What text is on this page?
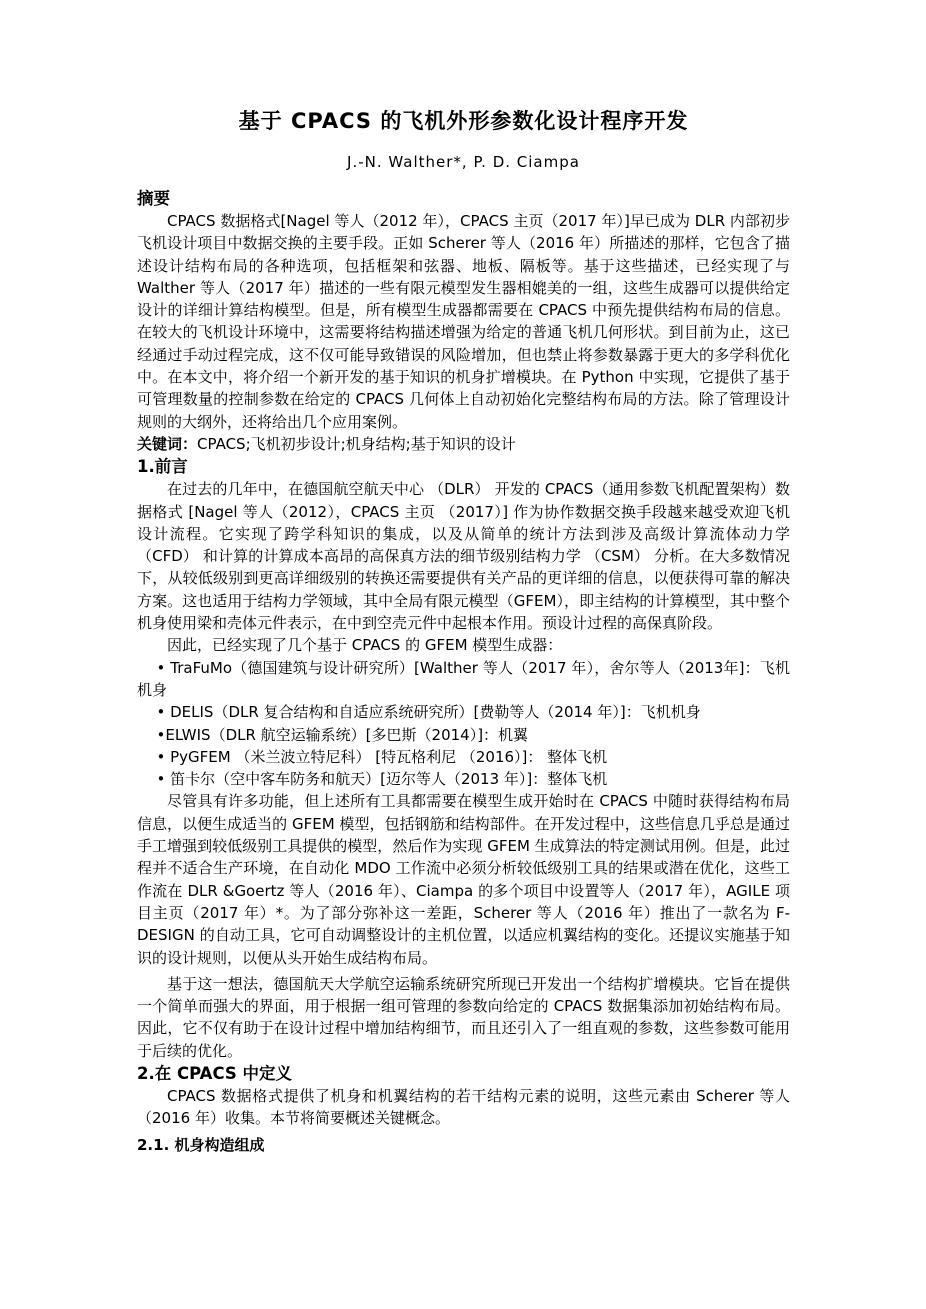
基于 CPACS 的飞机外形参数化设计程序开发
J.-N. Walther*, P. D. Ciampa
摘要
CPACS 数据格式[Nagel 等人（2012 年），CPACS 主页（2017 年）]早已成为 DLR 内部初步飞机设计项目中数据交换的主要手段。正如 Scherer 等人（2016 年）所描述的那样，它包含了描述设计结构布局的各种选项，包括框架和弦器、地板、隔板等。基于这些描述，已经实现了与 Walther 等人（2017 年）描述的一些有限元模型发生器相媲美的一组，这些生成器可以提供给定设计的详细计算结构模型。但是，所有模型生成器都需要在 CPACS 中预先提供结构布局的信息。在较大的飞机设计环境中，这需要将结构描述增强为给定的普通飞机几何形状。到目前为止，这已经通过手动过程完成，这不仅可能导致错误的风险增加，但也禁止将参数暴露于更大的多学科优化中。在本文中，将介绍一个新开发的基于知识的机身扩增模块。在 Python 中实现，它提供了基于可管理数量的控制参数在给定的 CPACS 几何体上自动初始化完整结构布局的方法。除了管理设计规则的大纲外，还将给出几个应用案例。
关键词：CPACS;飞机初步设计;机身结构;基于知识的设计
1.前言
在过去的几年中，在德国航空航天中心 （DLR） 开发的 CPACS（通用参数飞机配置架构）数据格式 [Nagel 等人（2012），CPACS 主页 （2017）] 作为协作数据交换手段越来越受欢迎飞机设计流程。它实现了跨学科知识的集成，以及从简单的统计方法到涉及高级计算流体动力学 （CFD） 和计算的计算成本高昂的高保真方法的细节级别结构力学 （CSM） 分析。在大多数情况下，从较低级别到更高详细级别的转换还需要提供有关产品的更详细的信息，以便获得可靠的解决方案。这也适用于结构力学领域，其中全局有限元模型（GFEM），即主结构的计算模型，其中整个机身使用梁和壳体元件表示，在中到空壳元件中起根本作用。预设计过程的高保真阶段。
因此，已经实现了几个基于 CPACS 的 GFEM 模型生成器：
• TraFuMo（德国建筑与设计研究所）[Walther 等人（2017 年），舍尔等人（2013年]：飞机机身
• DELIS（DLR 复合结构和自适应系统研究所）[费勒等人（2014 年）]：飞机机身
•ELWIS（DLR 航空运输系统）[多巴斯（2014）]：机翼
• PyGFEM （米兰波立特尼科） [特瓦格利尼 （2016）]： 整体飞机
• 笛卡尔（空中客车防务和航天）[迈尔等人（2013 年）]：整体飞机
尽管具有许多功能，但上述所有工具都需要在模型生成开始时在 CPACS 中随时获得结构布局信息，以便生成适当的 GFEM 模型，包括钢筋和结构部件。在开发过程中，这些信息几乎总是通过手工增强到较低级别工具提供的模型，然后作为实现 GFEM 生成算法的特定测试用例。但是，此过程并不适合生产环境，在自动化 MDO 工作流中必须分析较低级别工具的结果或潜在优化，这些工作流在 DLR &Goertz 等人（2016 年）、Ciampa 的多个项目中设置等人（2017 年），AGILE 项目主页（2017 年）*。为了部分弥补这一差距，Scherer 等人（2016 年）推出了一款名为 F-DESIGN 的自动工具，它可自动调整设计的主机位置，以适应机翼结构的变化。还提议实施基于知识的设计规则，以便从头开始生成结构布局。
基于这一想法，德国航天大学航空运输系统研究所现已开发出一个结构扩增模块。它旨在提供一个简单而强大的界面，用于根据一组可管理的参数向给定的 CPACS 数据集添加初始结构布局。因此，它不仅有助于在设计过程中增加结构细节，而且还引入了一组直观的参数，这些参数可能用于后续的优化。
2.在 CPACS 中定义
CPACS 数据格式提供了机身和机翼结构的若干结构元素的说明，这些元素由 Scherer 等人（2016 年）收集。本节将简要概述关键概念。
2.1. 机身构造组成
